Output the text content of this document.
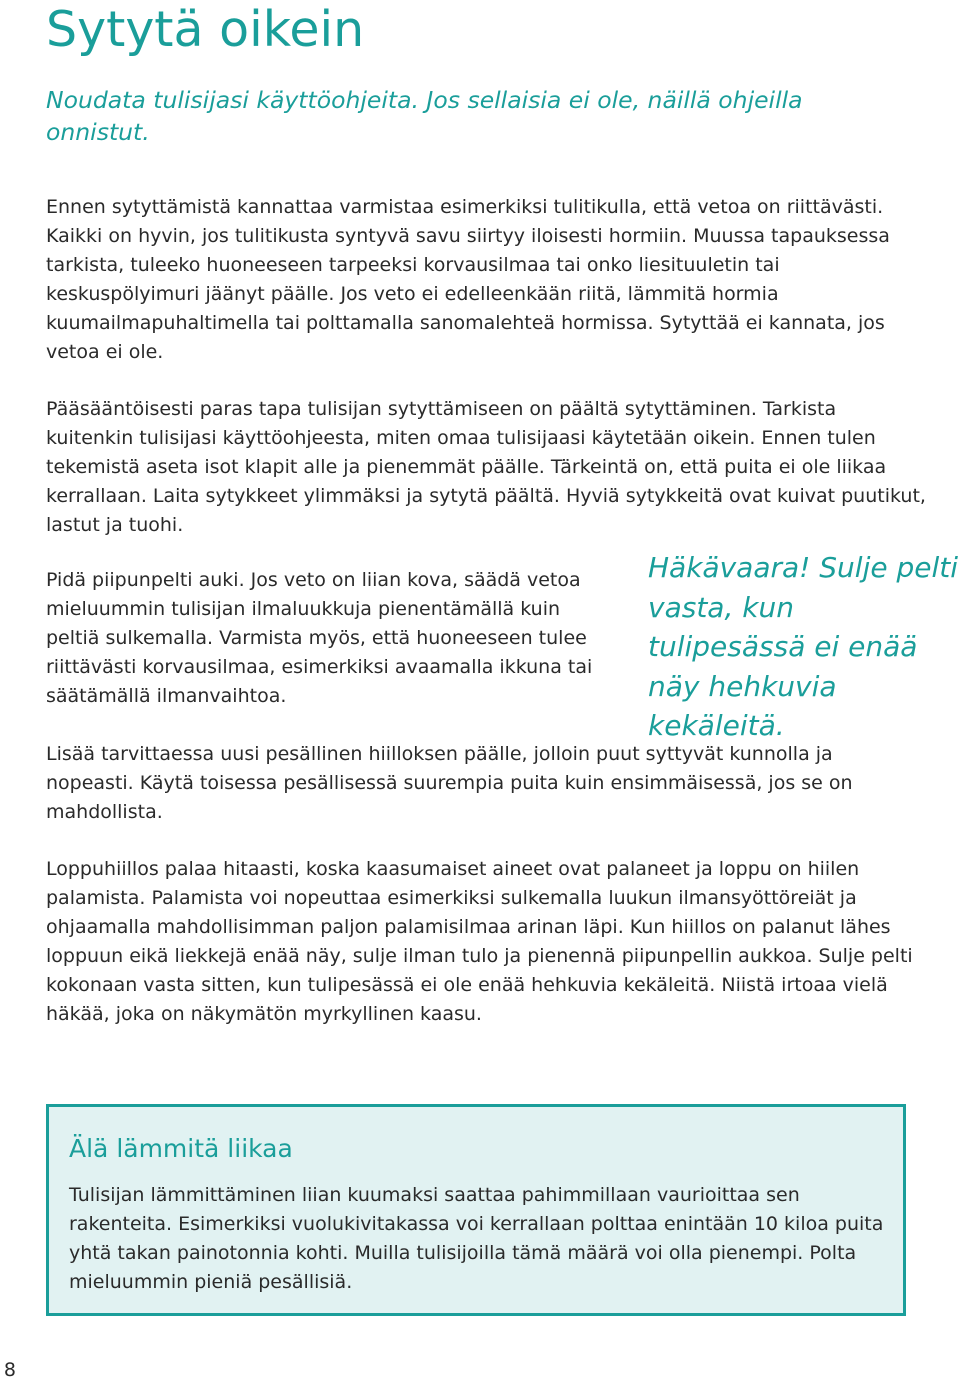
Sytytä oikein

Noudata tulisijasi käyttöohjeita. Jos sellaisia ei ole, näillä ohjeilla onnistut.

Ennen sytyttämistä kannattaa varmistaa esimerkiksi tulitikulla, että vetoa on riittävästi. Kaikki on hyvin, jos tulitikusta syntyvä savu siirtyy iloisesti hormiin. Muussa tapauksessa tarkista, tuleeko huoneeseen tarpeeksi korvausilmaa tai onko liesituuletin tai keskuspölyimuri jäänyt päälle. Jos veto ei edelleenkään riitä, lämmitä hormia kuumailmapuhaltimella tai polttamalla sanomalehteä hormissa. Sytyttää ei kannata, jos vetoa ei ole.

Pääsääntöisesti paras tapa tulisijan sytyttämiseen on päältä sytyttäminen. Tarkista kuitenkin tulisijasi käyttöohjeesta, miten omaa tulisijaasi käytetään oikein. Ennen tulen tekemistä aseta isot klapit alle ja pienemmät päälle. Tärkeintä on, että puita ei ole liikaa kerrallaan. Laita sytykkeet ylimmäksi ja sytytä päältä. Hyviä sytykkeitä ovat kuivat puutikut, lastut ja tuohi.

Pidä piipunpelti auki. Jos veto on liian kova, säädä vetoa mieluummin tulisijan ilmaluukkuja pienentämällä kuin peltiä sulkemalla. Varmista myös, että huoneeseen tulee riittävästi korvausilmaa, esimerkiksi avaamalla ikkuna tai säätämällä ilmanvaihtoa.

Häkävaara! Sulje pelti vasta, kun tulipesässä ei enää näy hehkuvia kekäleitä.

Lisää tarvittaessa uusi pesällinen hiilloksen päälle, jolloin puut syttyvät kunnolla ja nopeasti. Käytä toisessa pesällisessä suurempia puita kuin ensimmäisessä, jos se on mahdollista.

Loppuhiillos palaa hitaasti, koska kaasumaiset aineet ovat palaneet ja loppu on hiilen palamista. Palamista voi nopeuttaa esimerkiksi sulkemalla luukun ilmansyöttöreiät ja ohjaamalla mahdollisimman paljon palamisilmaa arinan läpi. Kun hiillos on palanut lähes loppuun eikä liekkejä enää näy, sulje ilman tulo ja pienennä piipunpellin aukkoa. Sulje pelti kokonaan vasta sitten, kun tulipesässä ei ole enää hehkuvia kekäleitä. Niistä irtoaa vielä häkää, joka on näkymätön myrkyllinen kaasu.

Älä lämmitä liikaa

Tulisijan lämmittäminen liian kuumaksi saattaa pahimmillaan vaurioittaa sen rakenteita. Esimerkiksi vuolukivitakassa voi kerrallaan polttaa enintään 10 kiloa puita yhtä takan painotonnia kohti. Muilla tulisijoilla tämä määrä voi olla pienempi. Polta mieluummin pieniä pesällisiä.

8
